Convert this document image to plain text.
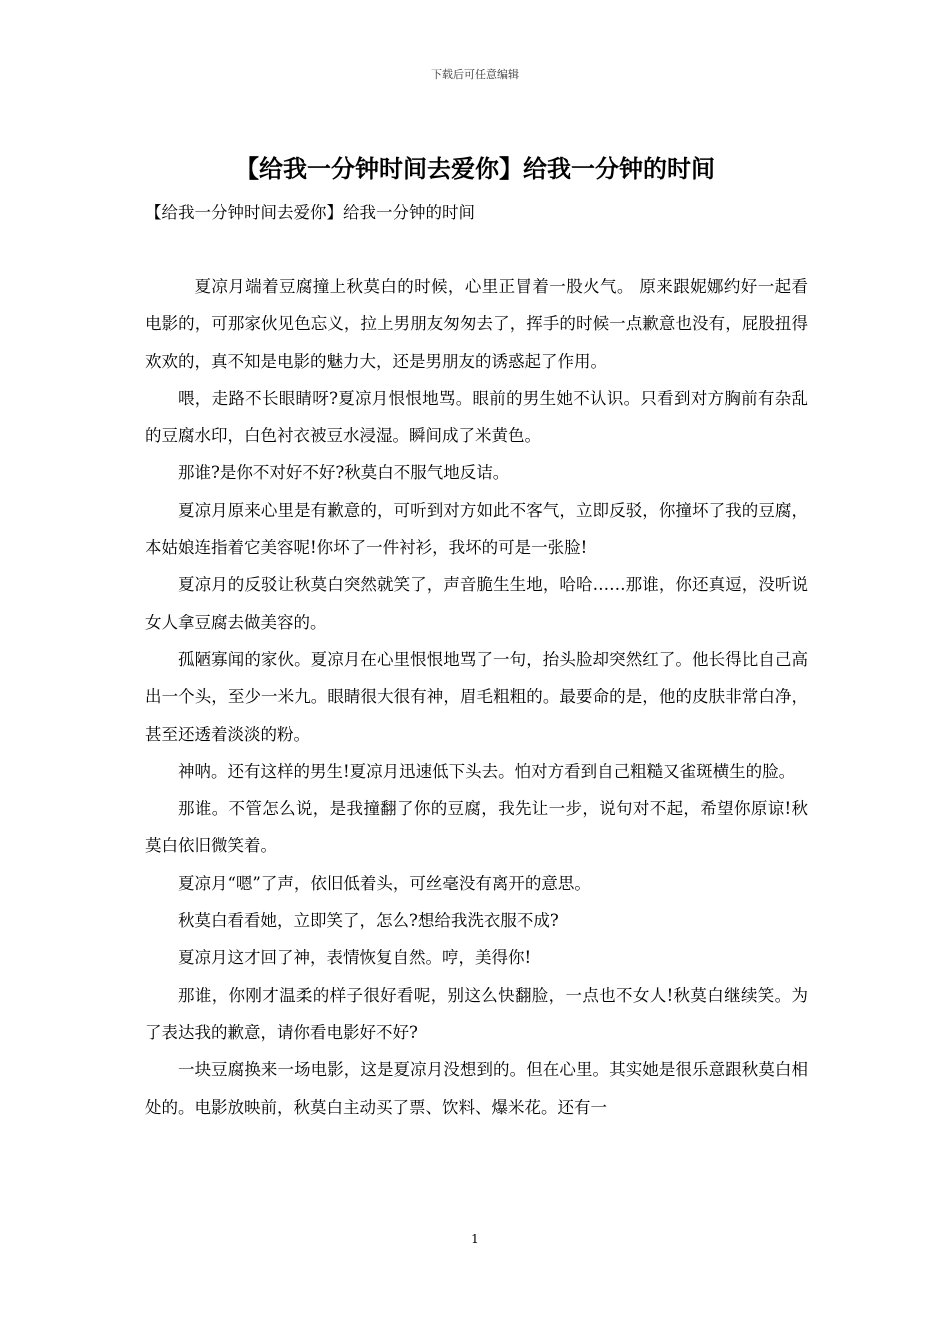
下载后可任意编辑
【给我一分钟时间去爱你】给我一分钟的时间

【给我一分钟时间去爱你】给我一分钟的时间

夏凉月端着豆腐撞上秋莫白的时候，心里正冒着一股火气。 原来跟妮娜约好一起看电影的，可那家伙见色忘义，拉上男朋友匆匆去了，挥手的时候一点歉意也没有，屁股扭得欢欢的，真不知是电影的魅力大，还是男朋友的诱惑起了作用。

喂，走路不长眼睛呀?夏凉月恨恨地骂。眼前的男生她不认识。只看到对方胸前有杂乱的豆腐水印，白色衬衣被豆水浸湿。瞬间成了米黄色。

那谁?是你不对好不好?秋莫白不服气地反诘。

夏凉月原来心里是有歉意的，可听到对方如此不客气，立即反驳，你撞坏了我的豆腐，本姑娘连指着它美容呢!你坏了一件衬衫，我坏的可是一张脸!

夏凉月的反驳让秋莫白突然就笑了，声音脆生生地，哈哈……那谁，你还真逗，没听说女人拿豆腐去做美容的。

孤陋寡闻的家伙。夏凉月在心里恨恨地骂了一句，抬头脸却突然红了。他长得比自己高出一个头，至少一米九。眼睛很大很有神，眉毛粗粗的。最要命的是，他的皮肤非常白净，甚至还透着淡淡的粉。

神呐。还有这样的男生!夏凉月迅速低下头去。怕对方看到自己粗糙又雀斑横生的脸。

那谁。不管怎么说，是我撞翻了你的豆腐，我先让一步，说句对不起，希望你原谅!秋莫白依旧微笑着。

夏凉月“嗯”了声，依旧低着头，可丝毫没有离开的意思。

秋莫白看看她，立即笑了，怎么?想给我洗衣服不成?

夏凉月这才回了神，表情恢复自然。哼，美得你!

那谁，你刚才温柔的样子很好看呢，别这么快翻脸，一点也不女人!秋莫白继续笑。为了表达我的歉意，请你看电影好不好?

一块豆腐换来一场电影，这是夏凉月没想到的。但在心里。其实她是很乐意跟秋莫白相处的。电影放映前，秋莫白主动买了票、饮料、爆米花。还有一

1
